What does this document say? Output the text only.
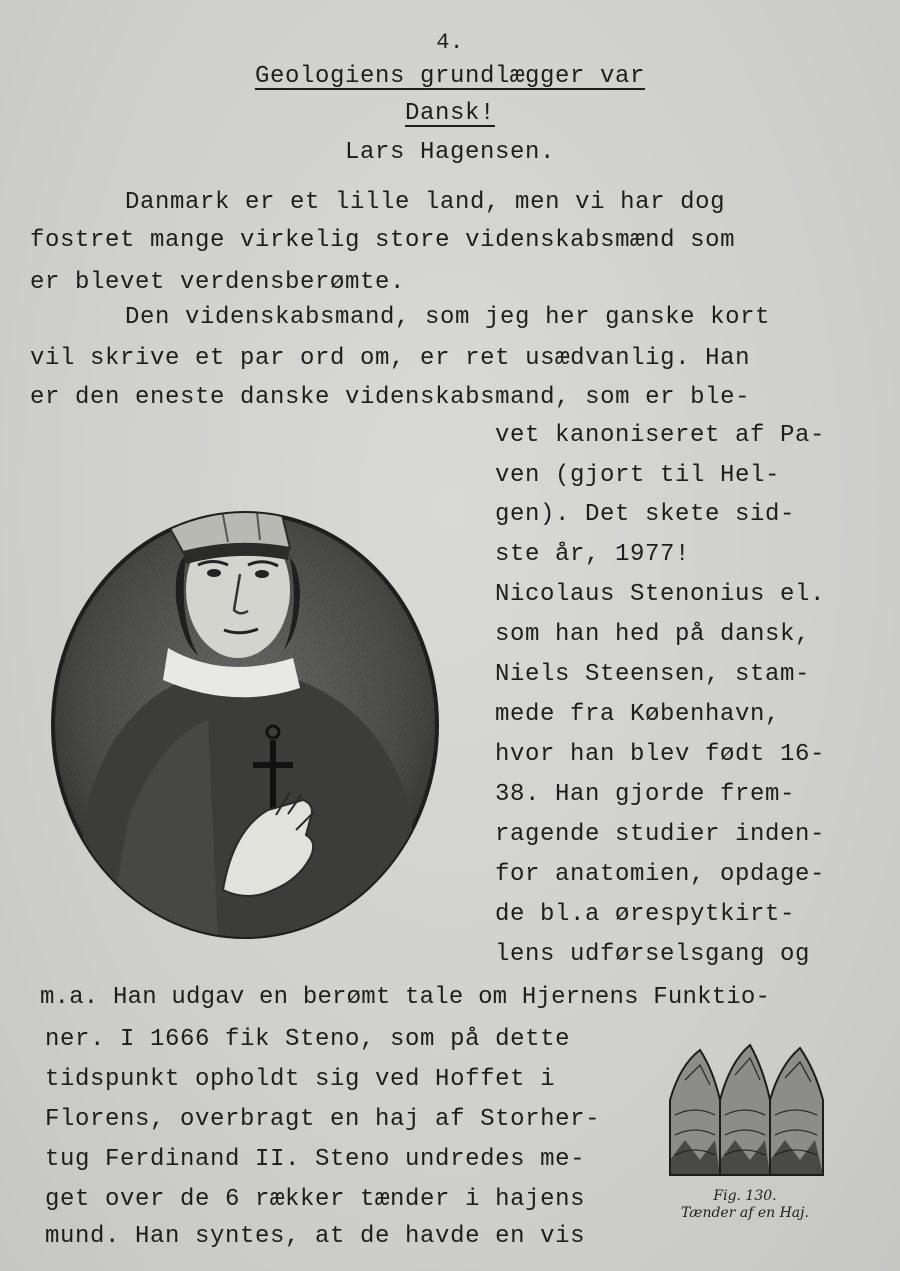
4.
Geologiens grundlægger var
Dansk!
Lars Hagensen.
Danmark er et lille land, men vi har dog
fostret mange virkelig store videnskabsmænd som
er blevet verdensberømte.
Den videnskabsmand, som jeg her ganske kort
vil skrive et par ord om, er ret usædvanlig. Han
er den eneste danske videnskabsmand, som er ble-
vet kanoniseret af Pa-
ven (gjort til Hel-
gen). Det skete sid-
ste år, 1977!
Nicolaus Stenonius el.
som han hed på dansk,
Niels Steensen, stam-
mede fra København,
hvor han blev født 16-
38. Han gjorde frem-
ragende studier inden-
for anatomien, opdage-
de bl.a ørespytkirt-
lens udførselsgang og
m.a. Han udgav en berømt tale om Hjernens Funktio-
ner. I 1666 fik Steno, som på dette
tidspunkt opholdt sig ved Hoffet i
Florens, overbragt en haj af Storher-
tug Ferdinand II. Steno undredes me-
get over de 6 rækker tænder i hajens
mund. Han syntes, at de havde en vis
Fig. 130.
Tænder af en Haj.
